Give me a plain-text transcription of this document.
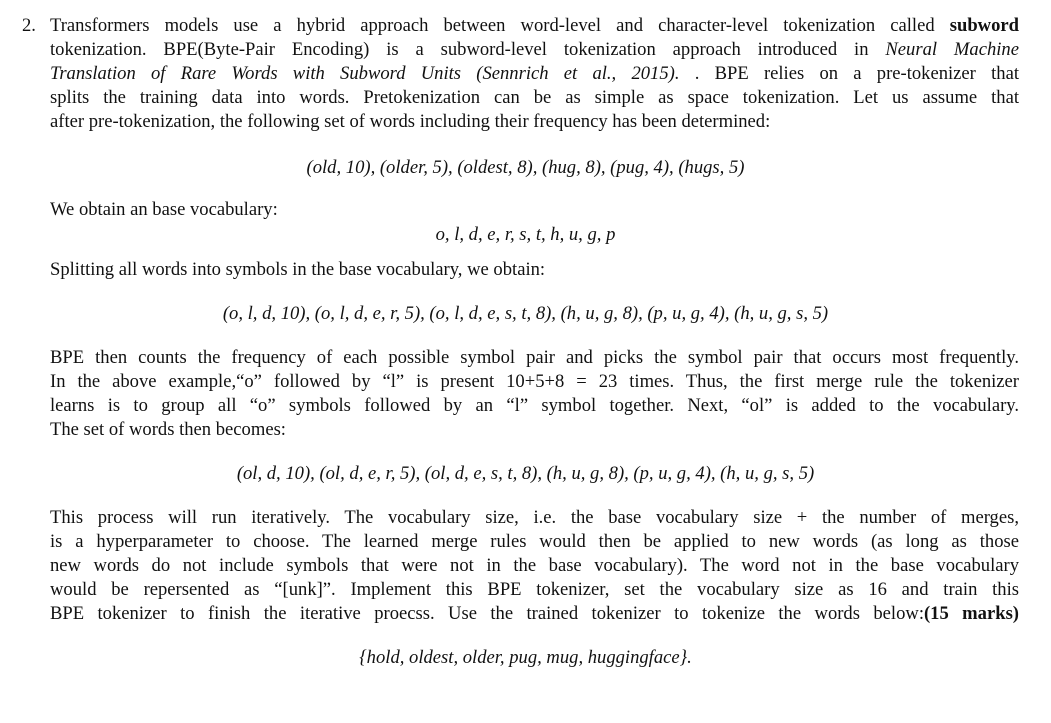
2. Transformers models use a hybrid approach between word-level and character-level tokenization called subword
tokenization. BPE(Byte-Pair Encoding) is a subword-level tokenization approach introduced in Neural Machine
Translation of Rare Words with Subword Units (Sennrich et al., 2015). . BPE relies on a pre-tokenizer that
splits the training data into words. Pretokenization can be as simple as space tokenization. Let us assume that
after pre-tokenization, the following set of words including their frequency has been determined:
(old, 10), (older, 5), (oldest, 8), (hug, 8), (pug, 4), (hugs, 5)
We obtain an base vocabulary:
o, l, d, e, r, s, t, h, u, g, p
Splitting all words into symbols in the base vocabulary, we obtain:
(o, l, d, 10), (o, l, d, e, r, 5), (o, l, d, e, s, t, 8), (h, u, g, 8), (p, u, g, 4), (h, u, g, s, 5)
BPE then counts the frequency of each possible symbol pair and picks the symbol pair that occurs most frequently.
In the above example,“o” followed by “l” is present 10+5+8 = 23 times. Thus, the first merge rule the tokenizer
learns is to group all “o” symbols followed by an “l” symbol together. Next, “ol” is added to the vocabulary.
The set of words then becomes:
(ol, d, 10), (ol, d, e, r, 5), (ol, d, e, s, t, 8), (h, u, g, 8), (p, u, g, 4), (h, u, g, s, 5)
This process will run iteratively. The vocabulary size, i.e. the base vocabulary size + the number of merges,
is a hyperparameter to choose. The learned merge rules would then be applied to new words (as long as those
new words do not include symbols that were not in the base vocabulary). The word not in the base vocabulary
would be repersented as “[unk]”. Implement this BPE tokenizer, set the vocabulary size as 16 and train this
BPE tokenizer to finish the iterative proecss. Use the trained tokenizer to tokenize the words below:(15 marks)
{hold, oldest, older, pug, mug, huggingface}.
